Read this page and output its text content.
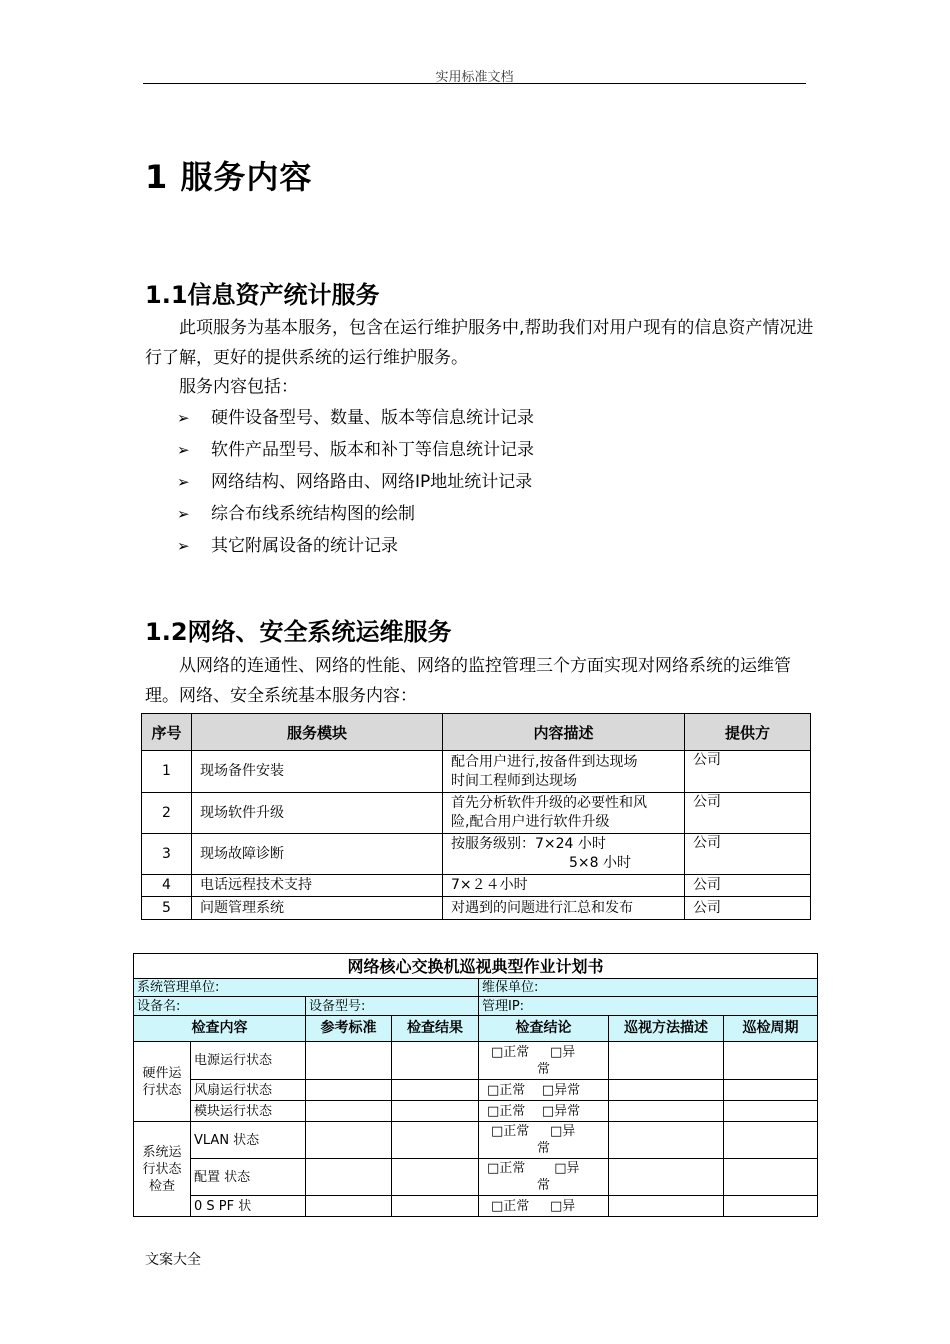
实用标准文档
1 服务内容
1.1信息资产统计服务
此项服务为基本服务，包含在运行维护服务中,帮助我们对用户现有的信息资产情况进行了解，更好的提供系统的运行维护服务。
服务内容包括：
➢	硬件设备型号、数量、版本等信息统计记录
➢	软件产品型号、版本和补丁等信息统计记录
➢	网络结构、网络路由、网络IP地址统计记录
➢	综合布线系统结构图的绘制
➢	其它附属设备的统计记录
1.2网络、安全系统运维服务
从网络的连通性、网络的性能、网络的监控管理三个方面实现对网络系统的运维管理。网络、安全系统基本服务内容：
序号	服务模块	内容描述	提供方
1	现场备件安装	配合用户进行,按备件到达现场
时间工程师到达现场	公司
2	现场软件升级	首先分析软件升级的必要性和风
险,配合用户进行软件升级	公司
3	现场故障诊断	按服务级别：7×24 小时
5×8 小时	公司
4	电话远程技术支持	7×２４小时	公司
5	问题管理系统	对遇到的问题进行汇总和发布	公司
网络核心交换机巡视典型作业计划书						
系统管理单位:				维保单位:		
设备名:		设备型号:		管理IP:		
检查内容		参考标准	检查结果	检查结论	巡视方法描述	巡检周期
硬件运行状态	电源运行状态			□正常 □异
常		

	风扇运行状态			□正常 □异常		
	模块运行状态			□正常 □异常		
系统运行状态检查	VLAN 状态			□正常 □异
常		

	配置 状态			□正常 □异
常		

	0 S PF 状			□正常 □异		
文案大全
